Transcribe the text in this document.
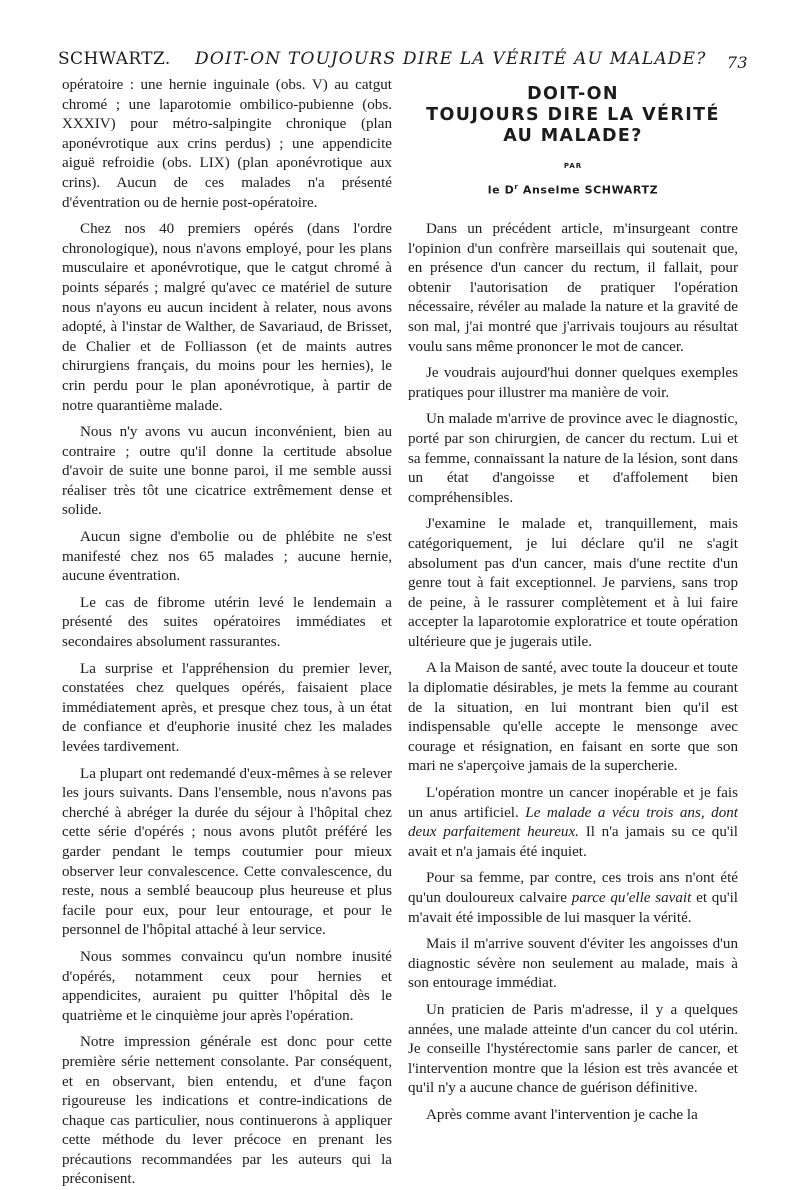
SCHWARTZ. DOIT-ON TOUJOURS DIRE LA VÉRITÉ AU MALADE? 73

opératoire : une hernie inguinale (obs. V) au catgut chromé ; une laparotomie ombilico-pubienne (obs. XXXIV) pour métro-salpingite chronique (plan aponévrotique aux crins perdus) ; une appendicite aiguë refroidie (obs. LIX) (plan aponévrotique aux crins). Aucun de ces malades n'a présenté d'éventration ou de hernie post-opératoire.

Chez nos 40 premiers opérés (dans l'ordre chronologique), nous n'avons employé, pour les plans musculaire et aponévrotique, que le catgut chromé à points séparés ; malgré qu'avec ce matériel de suture nous n'ayons eu aucun incident à relater, nous avons adopté, à l'instar de Walther, de Savariaud, de Brisset, de Chalier et de Folliasson (et de maints autres chirurgiens français, du moins pour les hernies), le crin perdu pour le plan aponévrotique, à partir de notre quarantième malade.

Nous n'y avons vu aucun inconvénient, bien au contraire ; outre qu'il donne la certitude absolue d'avoir de suite une bonne paroi, il me semble aussi réaliser très tôt une cicatrice extrêmement dense et solide.

Aucun signe d'embolie ou de phlébite ne s'est manifesté chez nos 65 malades ; aucune hernie, aucune éventration.

Le cas de fibrome utérin levé le lendemain a présenté des suites opératoires immédiates et secondaires absolument rassurantes.

La surprise et l'appréhension du premier lever, constatées chez quelques opérés, faisaient place immédiatement après, et presque chez tous, à un état de confiance et d'euphorie inusité chez les malades levées tardivement.

La plupart ont redemandé d'eux-mêmes à se relever les jours suivants. Dans l'ensemble, nous n'avons pas cherché à abréger la durée du séjour à l'hôpital chez cette série d'opérés ; nous avons plutôt préféré les garder pendant le temps coutumier pour mieux observer leur convalescence. Cette convalescence, du reste, nous a semblé beaucoup plus heureuse et plus facile pour eux, pour leur entourage, et pour le personnel de l'hôpital attaché à leur service.

Nous sommes convaincu qu'un nombre inusité d'opérés, notamment ceux pour hernies et appendicites, auraient pu quitter l'hôpital dès le quatrième et le cinquième jour après l'opération.

Notre impression générale est donc pour cette première série nettement consolante. Par conséquent, et en observant, bien entendu, et d'une façon rigoureuse les indications et contre-indications de chaque cas particulier, nous continuerons à appliquer cette méthode du lever précoce en prenant les précautions recommandées par les auteurs qui la préconisent.

DOIT-ON
TOUJOURS DIRE LA VÉRITÉ
AU MALADE?
PAR
le $D^r$ Anselme SCHWARTZ

Dans un précédent article, m'insurgeant contre l'opinion d'un confrère marseillais qui soutenait que, en présence d'un cancer du rectum, il fallait, pour obtenir l'autorisation de pratiquer l'opération nécessaire, révéler au malade la nature et la gravité de son mal, j'ai montré que j'arrivais toujours au résultat voulu sans même prononcer le mot de cancer.

Je voudrais aujourd'hui donner quelques exemples pratiques pour illustrer ma manière de voir.

Un malade m'arrive de province avec le diagnostic, porté par son chirurgien, de cancer du rectum. Lui et sa femme, connaissant la nature de la lésion, sont dans un état d'angoisse et d'affolement bien compréhensibles.

J'examine le malade et, tranquillement, mais catégoriquement, je lui déclare qu'il ne s'agit absolument pas d'un cancer, mais d'une rectite d'un genre tout à fait exceptionnel. Je parviens, sans trop de peine, à le rassurer complètement et à lui faire accepter la laparotomie exploratrice et toute opération ultérieure que je jugerais utile.

A la Maison de santé, avec toute la douceur et toute la diplomatie désirables, je mets la femme au courant de la situation, en lui montrant bien qu'il est indispensable qu'elle accepte le mensonge avec courage et résignation, en faisant en sorte que son mari ne s'aperçoive jamais de la supercherie.

L'opération montre un cancer inopérable et je fais un anus artificiel. Le malade a vécu trois ans, dont deux parfaitement heureux. Il n'a jamais su ce qu'il avait et n'a jamais été inquiet.

Pour sa femme, par contre, ces trois ans n'ont été qu'un douloureux calvaire parce qu'elle savait et qu'il m'avait été impossible de lui masquer la vérité.

Mais il m'arrive souvent d'éviter les angoisses d'un diagnostic sévère non seulement au malade, mais à son entourage immédiat.

Un praticien de Paris m'adresse, il y a quelques années, une malade atteinte d'un cancer du col utérin. Je conseille l'hystérectomie sans parler de cancer, et l'intervention montre que la lésion est très avancée et qu'il n'y a aucune chance de guérison définitive.

Après comme avant l'intervention je cache la
